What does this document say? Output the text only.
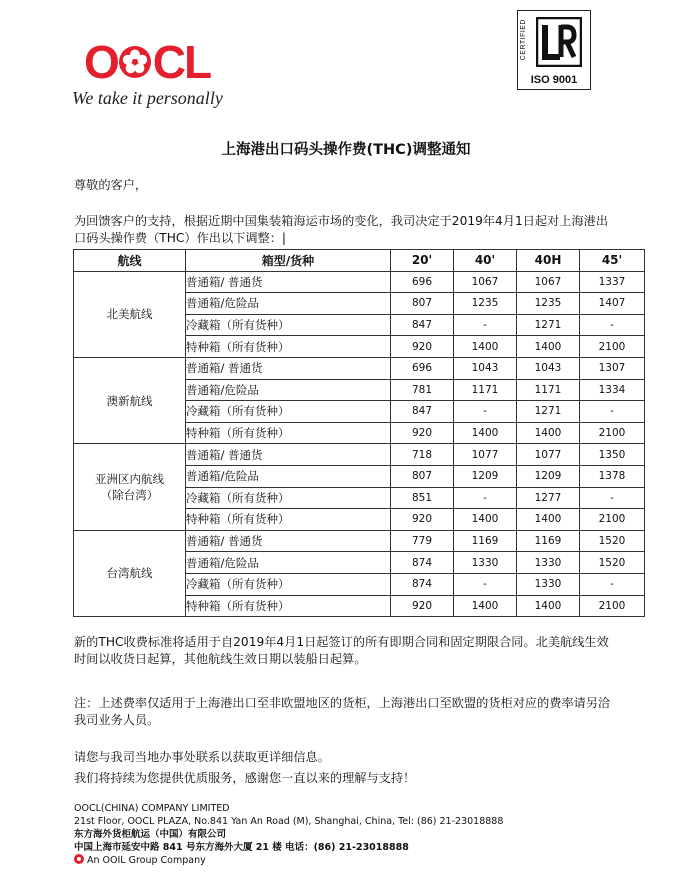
O CL
We take it personally
CERTIFIED
ISO 9001
上海港出口码头操作费(THC)调整通知
尊敬的客户，
为回馈客户的支持，根据近期中国集装箱海运市场的变化，我司决定于2019年4月1日起对上海港出口码头操作费（THC）作出以下调整：|
航线	箱型/货种	20'	40'	40H	45'
北美航线	普通箱/ 普通货	696	1067	1067	1337
	普通箱/危险品	807	1235	1235	1407
	冷藏箱（所有货种）	847	-	1271	-
	特种箱（所有货种）	920	1400	1400	2100
澳新航线	普通箱/ 普通货	696	1043	1043	1307
	普通箱/危险品	781	1171	1171	1334
	冷藏箱（所有货种）	847	-	1271	-
	特种箱（所有货种）	920	1400	1400	2100
亚洲区内航线
（除台湾）	普通箱/ 普通货	718	1077	1077	1350
	普通箱/危险品	807	1209	1209	1378
	冷藏箱（所有货种）	851	-	1277	-
	特种箱（所有货种）	920	1400	1400	2100
台湾航线	普通箱/ 普通货	779	1169	1169	1520
	普通箱/危险品	874	1330	1330	1520
	冷藏箱（所有货种）	874	-	1330	-
	特种箱（所有货种）	920	1400	1400	2100
新的THC收费标准将适用于自2019年4月1日起签订的所有即期合同和固定期限合同。北美航线生效时间以收货日起算，其他航线生效日期以装船日起算。
注：上述费率仅适用于上海港出口至非欧盟地区的货柜，上海港出口至欧盟的货柜对应的费率请另洽我司业务人员。
请您与我司当地办事处联系以获取更详细信息。
我们将持续为您提供优质服务，感谢您一直以来的理解与支持！
OOCL(CHINA) COMPANY LIMITED
21st Floor, OOCL PLAZA, No.841 Yan An Road (M), Shanghai, China, Tel: (86) 21-23018888
东方海外货柜航运（中国）有限公司
中国上海市延安中路 841 号东方海外大厦 21 楼 电话：(86) 21-23018888
An OOIL Group Company
